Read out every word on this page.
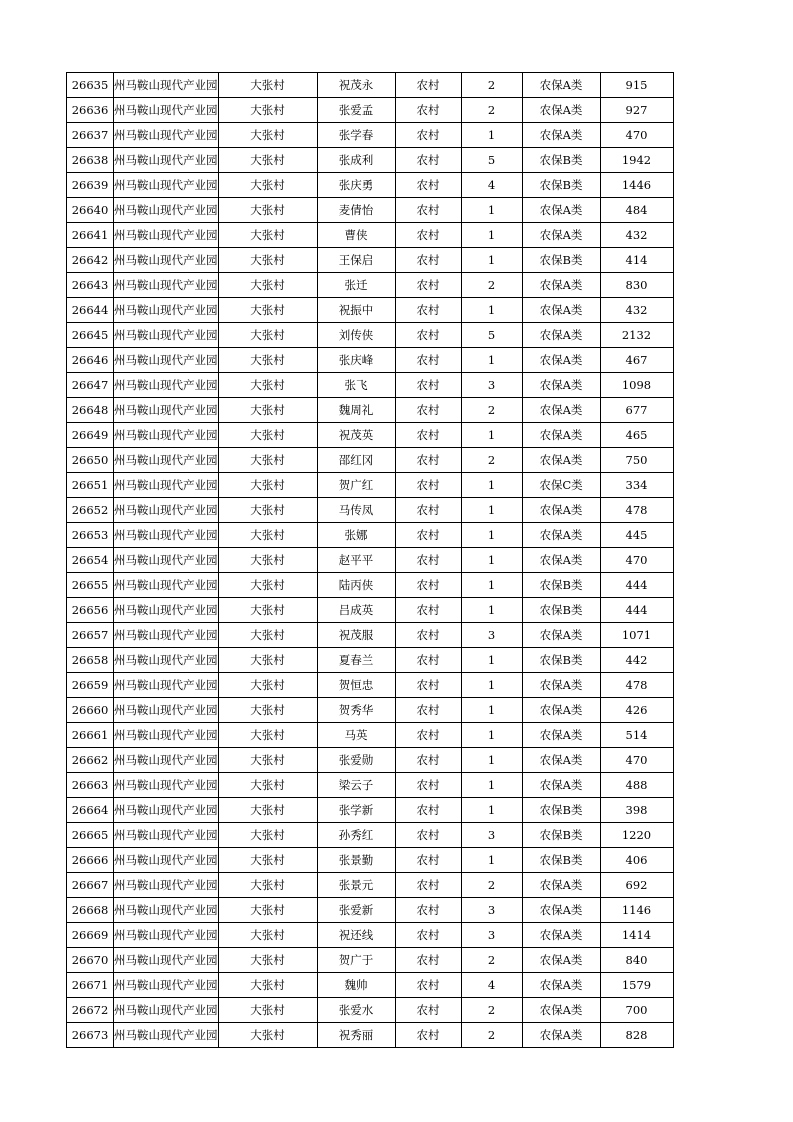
26635	州马鞍山现代产业园	大张村	祝茂永	农村	2	农保A类	915
26636	州马鞍山现代产业园	大张村	张爱孟	农村	2	农保A类	927
26637	州马鞍山现代产业园	大张村	张学春	农村	1	农保A类	470
26638	州马鞍山现代产业园	大张村	张成利	农村	5	农保B类	1942
26639	州马鞍山现代产业园	大张村	张庆勇	农村	4	农保B类	1446
26640	州马鞍山现代产业园	大张村	麦倩怡	农村	1	农保A类	484
26641	州马鞍山现代产业园	大张村	曹侠	农村	1	农保A类	432
26642	州马鞍山现代产业园	大张村	王保启	农村	1	农保B类	414
26643	州马鞍山现代产业园	大张村	张迁	农村	2	农保A类	830
26644	州马鞍山现代产业园	大张村	祝振中	农村	1	农保A类	432
26645	州马鞍山现代产业园	大张村	刘传侠	农村	5	农保A类	2132
26646	州马鞍山现代产业园	大张村	张庆峰	农村	1	农保A类	467
26647	州马鞍山现代产业园	大张村	张飞	农村	3	农保A类	1098
26648	州马鞍山现代产业园	大张村	魏周礼	农村	2	农保A类	677
26649	州马鞍山现代产业园	大张村	祝茂英	农村	1	农保A类	465
26650	州马鞍山现代产业园	大张村	邵红冈	农村	2	农保A类	750
26651	州马鞍山现代产业园	大张村	贺广红	农村	1	农保C类	334
26652	州马鞍山现代产业园	大张村	马传凤	农村	1	农保A类	478
26653	州马鞍山现代产业园	大张村	张娜	农村	1	农保A类	445
26654	州马鞍山现代产业园	大张村	赵平平	农村	1	农保A类	470
26655	州马鞍山现代产业园	大张村	陆丙侠	农村	1	农保B类	444
26656	州马鞍山现代产业园	大张村	吕成英	农村	1	农保B类	444
26657	州马鞍山现代产业园	大张村	祝茂服	农村	3	农保A类	1071
26658	州马鞍山现代产业园	大张村	夏春兰	农村	1	农保B类	442
26659	州马鞍山现代产业园	大张村	贺恒忠	农村	1	农保A类	478
26660	州马鞍山现代产业园	大张村	贺秀华	农村	1	农保A类	426
26661	州马鞍山现代产业园	大张村	马英	农村	1	农保A类	514
26662	州马鞍山现代产业园	大张村	张爱勋	农村	1	农保A类	470
26663	州马鞍山现代产业园	大张村	梁云子	农村	1	农保A类	488
26664	州马鞍山现代产业园	大张村	张学新	农村	1	农保B类	398
26665	州马鞍山现代产业园	大张村	孙秀红	农村	3	农保B类	1220
26666	州马鞍山现代产业园	大张村	张景勤	农村	1	农保B类	406
26667	州马鞍山现代产业园	大张村	张景元	农村	2	农保A类	692
26668	州马鞍山现代产业园	大张村	张爱新	农村	3	农保A类	1146
26669	州马鞍山现代产业园	大张村	祝还线	农村	3	农保A类	1414
26670	州马鞍山现代产业园	大张村	贺广于	农村	2	农保A类	840
26671	州马鞍山现代产业园	大张村	魏帅	农村	4	农保A类	1579
26672	州马鞍山现代产业园	大张村	张爱水	农村	2	农保A类	700
26673	州马鞍山现代产业园	大张村	祝秀丽	农村	2	农保A类	828
